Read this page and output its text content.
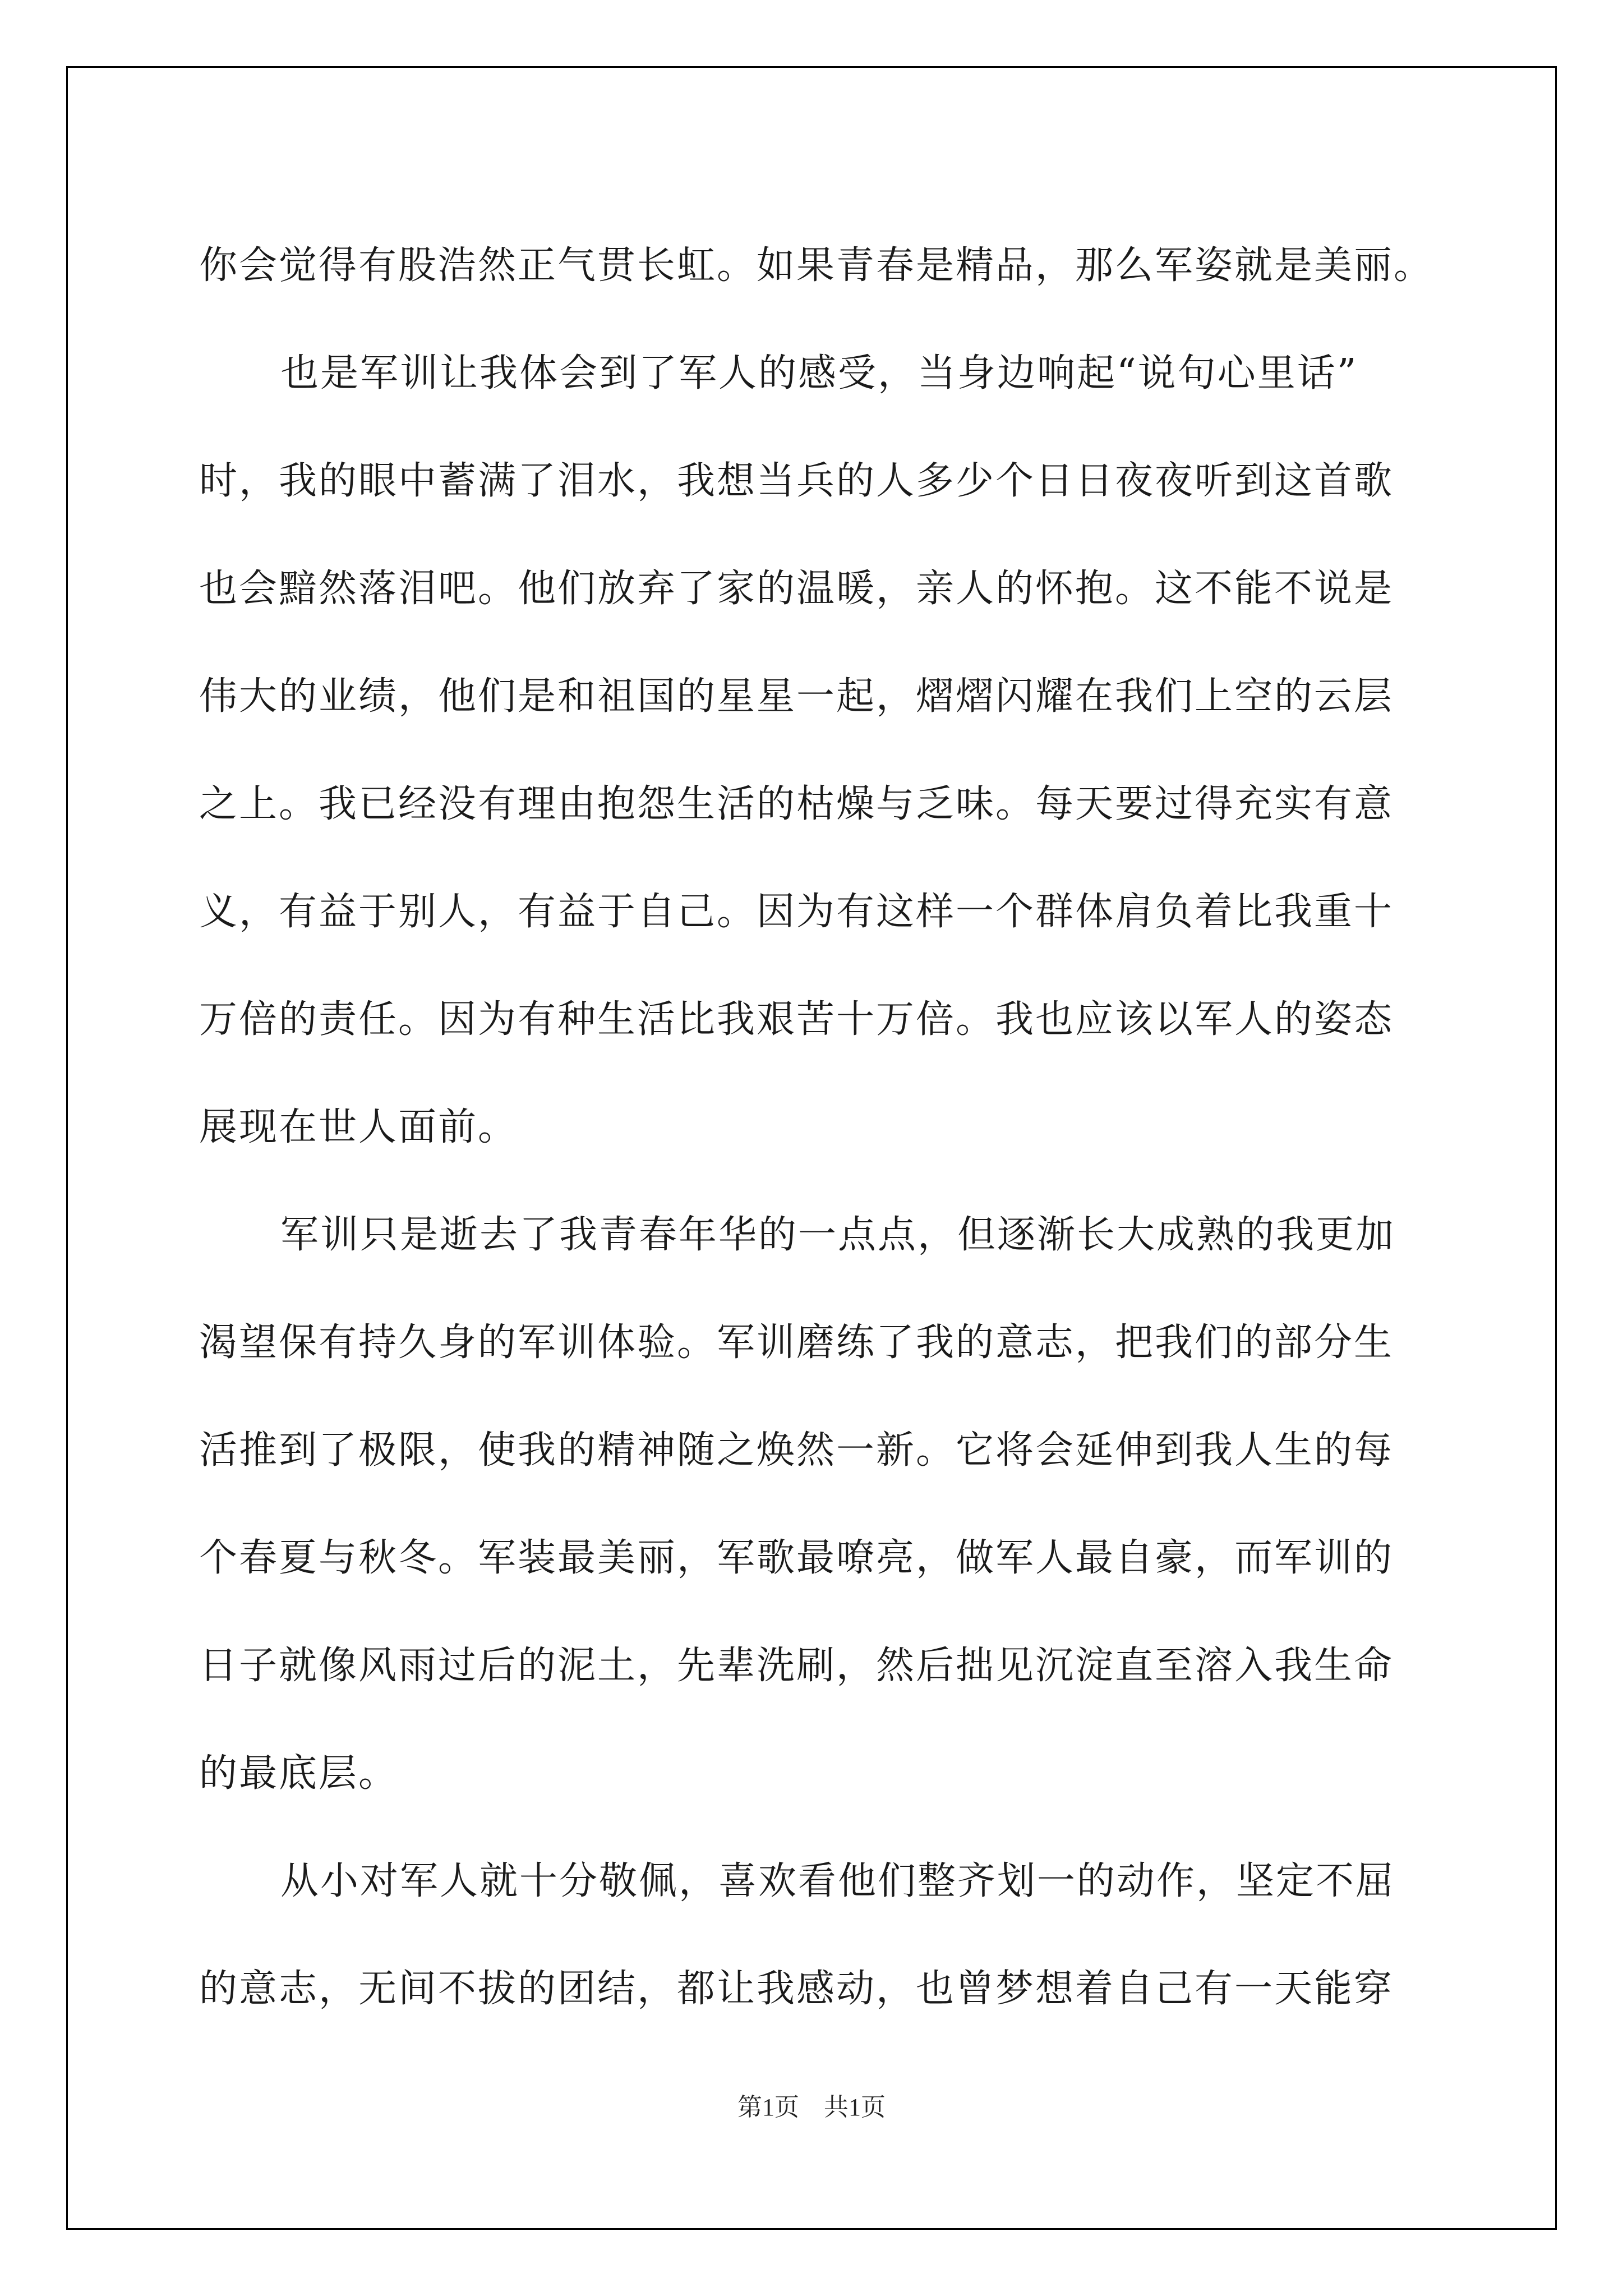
你会觉得有股浩然正气贯长虹。如果青春是精品，那么军姿就是美丽。
也是军训让我体会到了军人的感受，当身边响起“说句心里话”
时，我的眼中蓄满了泪水，我想当兵的人多少个日日夜夜听到这首歌
也会黯然落泪吧。他们放弃了家的温暖，亲人的怀抱。这不能不说是
伟大的业绩，他们是和祖国的星星一起，熠熠闪耀在我们上空的云层
之上。我已经没有理由抱怨生活的枯燥与乏味。每天要过得充实有意
义，有益于别人，有益于自己。因为有这样一个群体肩负着比我重十
万倍的责任。因为有种生活比我艰苦十万倍。我也应该以军人的姿态
展现在世人面前。
军训只是逝去了我青春年华的一点点，但逐渐长大成熟的我更加
渴望保有持久身的军训体验。军训磨练了我的意志，把我们的部分生
活推到了极限，使我的精神随之焕然一新。它将会延伸到我人生的每
个春夏与秋冬。军装最美丽，军歌最嘹亮，做军人最自豪，而军训的
日子就像风雨过后的泥土，先辈洗刷，然后拙见沉淀直至溶入我生命
的最底层。
从小对军人就十分敬佩，喜欢看他们整齐划一的动作，坚定不屈
的意志，无间不拔的团结，都让我感动，也曾梦想着自己有一天能穿
第1页　共1页
